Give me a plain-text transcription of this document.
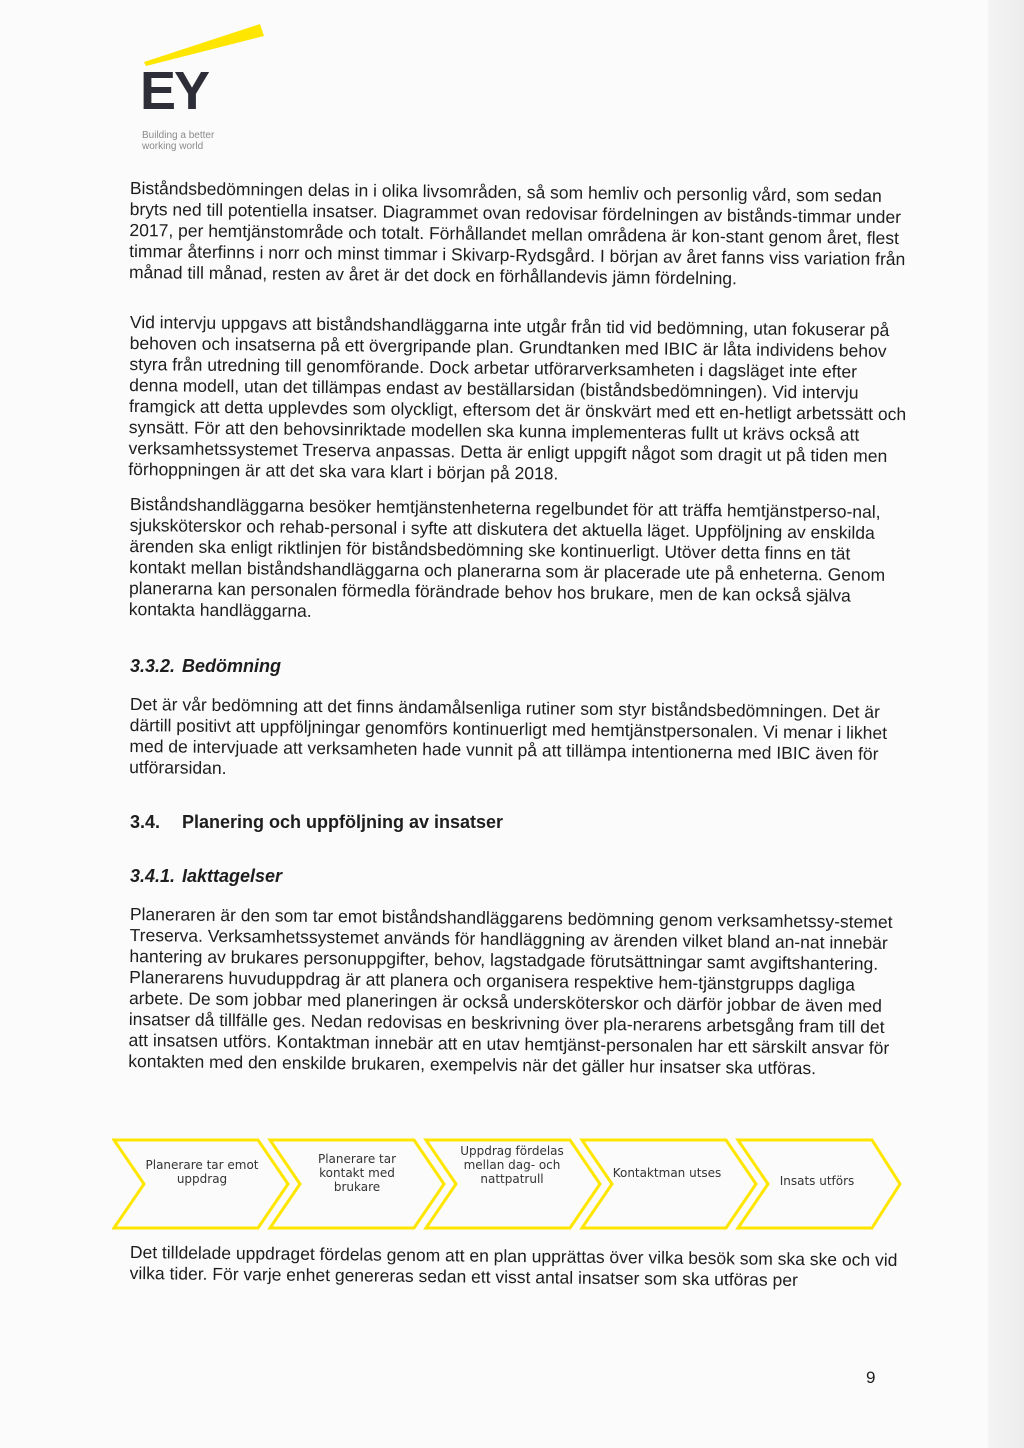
EY
Building a better
working world
Biståndsbedömningen delas in i olika livsområden, så som hemliv och personlig vård, som sedan bryts ned till potentiella insatser. Diagrammet ovan redovisar fördelningen av bistånds-timmar under 2017, per hemtjänstområde och totalt. Förhållandet mellan områdena är kon-stant genom året, flest timmar återfinns i norr och minst timmar i Skivarp-Rydsgård. I början av året fanns viss variation från månad till månad, resten av året är det dock en förhållandevis jämn fördelning.
Vid intervju uppgavs att biståndshandläggarna inte utgår från tid vid bedömning, utan fokuserar på behoven och insatserna på ett övergripande plan. Grundtanken med IBIC är låta individens behov styra från utredning till genomförande. Dock arbetar utförarverksamheten i dagsläget inte efter denna modell, utan det tillämpas endast av beställarsidan (biståndsbedömningen). Vid intervju framgick att detta upplevdes som olyckligt, eftersom det är önskvärt med ett en-hetligt arbetssätt och synsätt. För att den behovsinriktade modellen ska kunna implementeras fullt ut krävs också att verksamhetssystemet Treserva anpassas. Detta är enligt uppgift något som dragit ut på tiden men förhoppningen är att det ska vara klart i början på 2018.
Biståndshandläggarna besöker hemtjänstenheterna regelbundet för att träffa hemtjänstperso-nal, sjuksköterskor och rehab-personal i syfte att diskutera det aktuella läget. Uppföljning av enskilda ärenden ska enligt riktlinjen för biståndsbedömning ske kontinuerligt. Utöver detta finns en tät kontakt mellan biståndshandläggarna och planerarna som är placerade ute på enheterna. Genom planerarna kan personalen förmedla förändrade behov hos brukare, men de kan också själva kontakta handläggarna.
3.3.2. Bedömning
Det är vår bedömning att det finns ändamålsenliga rutiner som styr biståndsbedömningen. Det är därtill positivt att uppföljningar genomförs kontinuerligt med hemtjänstpersonalen. Vi menar i likhet med de intervjuade att verksamheten hade vunnit på att tillämpa intentionerna med IBIC även för utförarsidan.
3.4. Planering och uppföljning av insatser
3.4.1. Iakttagelser
Planeraren är den som tar emot biståndshandläggarens bedömning genom verksamhetssy-stemet Treserva. Verksamhetssystemet används för handläggning av ärenden vilket bland an-nat innebär hantering av brukares personuppgifter, behov, lagstadgade förutsättningar samt avgiftshantering. Planerarens huvuduppdrag är att planera och organisera respektive hem-tjänstgrupps dagliga arbete. De som jobbar med planeringen är också undersköterskor och därför jobbar de även med insatser då tillfälle ges. Nedan redovisas en beskrivning över pla-nerarens arbetsgång fram till det att insatsen utförs. Kontaktman innebär att en utav hemtjänst-personalen har ett särskilt ansvar för kontakten med den enskilde brukaren, exempelvis när det gäller hur insatser ska utföras.
Planerare tar emot uppdrag
Planerare tar kontakt med brukare
Uppdrag fördelas mellan dag- och nattpatrull	Kontaktman utses
Insats utförs
Det tilldelade uppdraget fördelas genom att en plan upprättas över vilka besök som ska ske och vid vilka tider. För varje enhet genereras sedan ett visst antal insatser som ska utföras per
9
